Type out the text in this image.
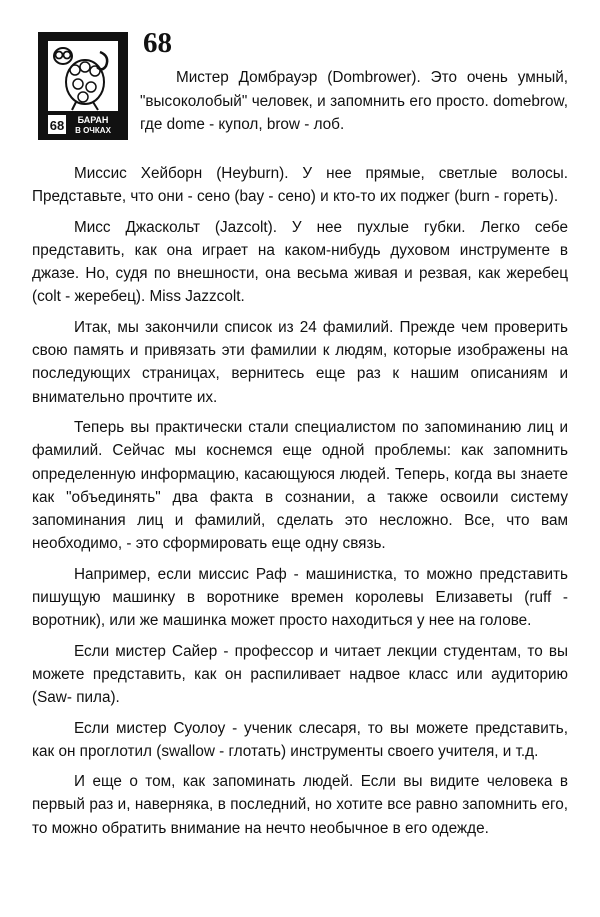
68 БАРАН
В ОЧКАХ
68

Мистер Домбрауэр (Dombrower). Это очень умный, "высоколобый" человек, и запомнить его просто. domebrow, где dome - купол, brow - лоб.

Миссис Хейборн (Heyburn). У нее прямые, светлые волосы. Представьте, что они - сено (bay - сено) и кто-то их поджег (burn - гореть).

Мисс Джаскольт (Jazcolt). У нее пухлые губки. Легко себе представить, как она играет на каком-нибудь духовом инструменте в джазе. Но, судя по внешности, она весьма живая и резвая, как жеребец (colt - жеребец). Miss Jazzcolt.

Итак, мы закончили список из 24 фамилий. Прежде чем проверить свою память и привязать эти фамилии к людям, которые изображены на последующих страницах, вернитесь еще раз к нашим описаниям и внимательно прочтите их.

Теперь вы практически стали специалистом по запоминанию лиц и фамилий. Сейчас мы коснемся еще одной проблемы: как запомнить определенную информацию, касающуюся людей. Теперь, когда вы знаете как "объединять" два факта в сознании, а также освоили систему запоминания лиц и фамилий, сделать это несложно. Все, что вам необходимо, - это сформировать еще одну связь.

Например, если миссис Раф - машинистка, то можно представить пишущую машинку в воротнике времен королевы Елизаветы (ruff - воротник), или же машинка может просто находиться у нее на голове.

Если мистер Сайер - профессор и читает лекции студентам, то вы можете представить, как он распиливает надвое класс или аудиторию (Saw- пила).

Если мистер Суолоу - ученик слесаря, то вы можете представить, как он проглотил (swallow - глотать) инструменты своего учителя, и т.д.

И еще о том, как запоминать людей. Если вы видите человека в первый раз и, наверняка, в последний, но хотите все равно запомнить его, то можно обратить внимание на нечто необычное в его одежде.
